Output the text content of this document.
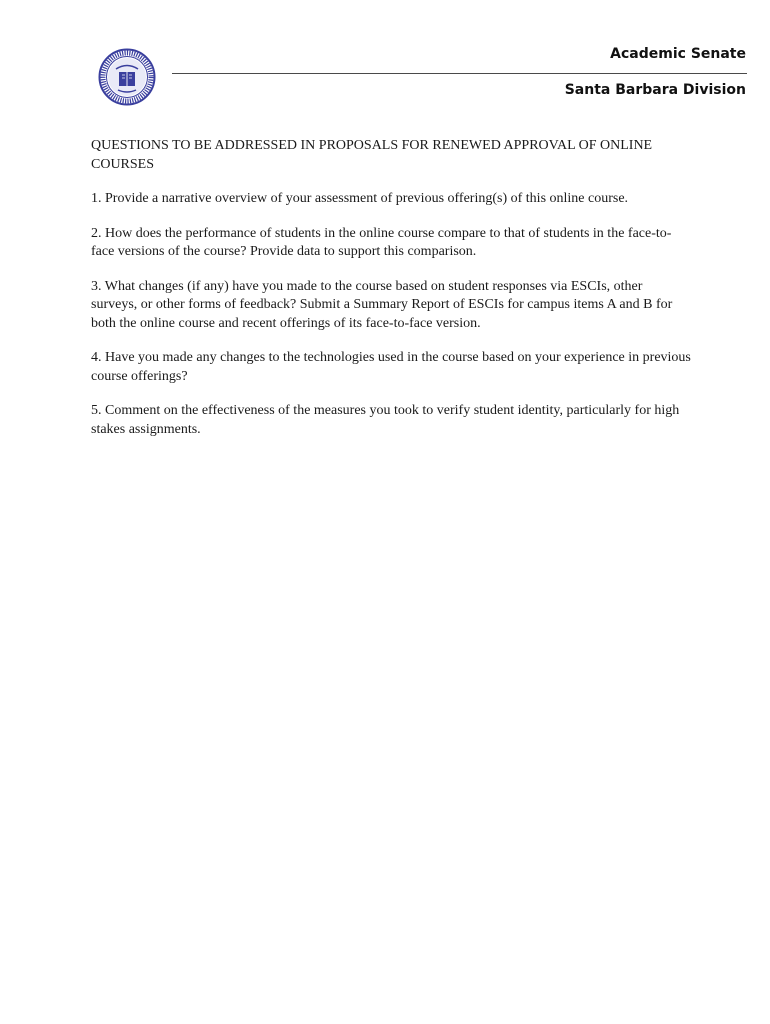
Academic Senate
Santa Barbara Division

QUESTIONS TO BE ADDRESSED IN PROPOSALS FOR RENEWED APPROVAL OF ONLINE COURSES

1. Provide a narrative overview of your assessment of previous offering(s) of this online course.

2. How does the performance of students in the online course compare to that of students in the face-to-face versions of the course? Provide data to support this comparison.

3. What changes (if any) have you made to the course based on student responses via ESCIs, other surveys, or other forms of feedback? Submit a Summary Report of ESCIs for campus items A and B for both the online course and recent offerings of its face-to-face version.

4. Have you made any changes to the technologies used in the course based on your experience in previous course offerings?

5. Comment on the effectiveness of the measures you took to verify student identity, particularly for high stakes assignments.
